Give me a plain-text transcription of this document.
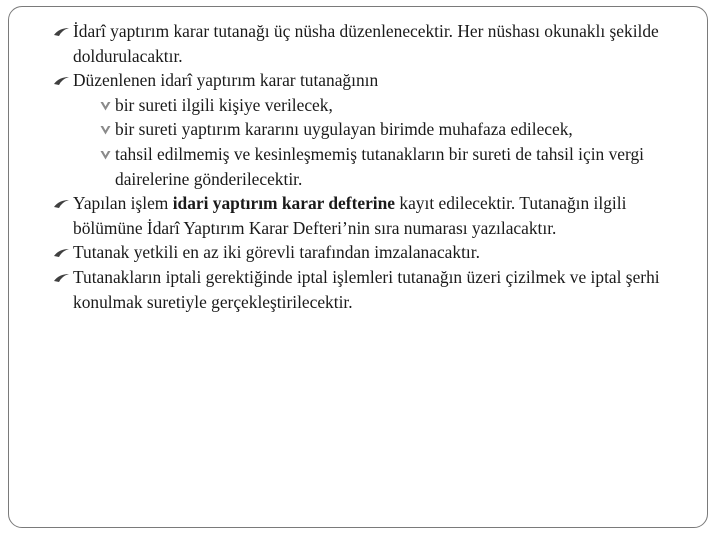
İdarî yaptırım karar tutanağı üç nüsha düzenlenecektir. Her nüshası okunaklı şekilde doldurulacaktır.
Düzenlenen idarî yaptırım karar tutanağının
bir sureti ilgili kişiye verilecek,
bir sureti yaptırım kararını uygulayan birimde muhafaza edilecek,
tahsil edilmemiş ve kesinleşmemiş tutanakların bir sureti de tahsil için vergi dairelerine gönderilecektir.
Yapılan işlem idari yaptırım karar defterine kayıt edilecektir. Tutanağın ilgili bölümüne İdarî Yaptırım Karar Defteri’nin sıra numarası yazılacaktır.
Tutanak yetkili en az iki görevli tarafından imzalanacaktır.
Tutanakların iptali gerektiğinde iptal işlemleri tutanağın üzeri çizilmek ve iptal şerhi konulmak suretiyle gerçekleştirilecektir.
